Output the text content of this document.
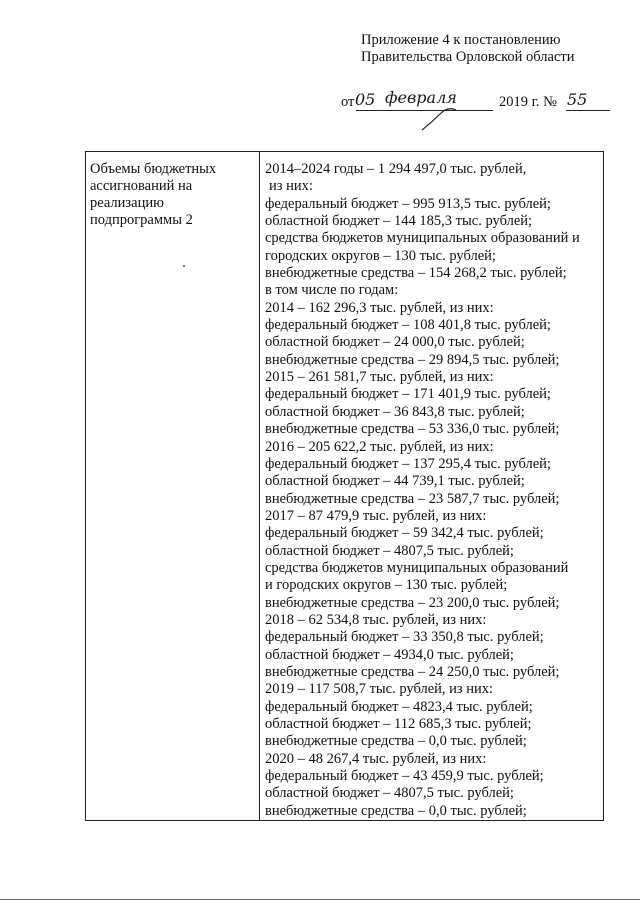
Приложение 4 к постановлению
Правительства Орловской области
от 05 февраля	2019 г. № 55
Объемы бюджетных
ассигнований на
реализацию
подпрограммы 2
2014–2024 годы – 1 294 497,0 тыс. рублей,
из них:
федеральный бюджет – 995 913,5 тыс. рублей;
областной бюджет – 144 185,3 тыс. рублей;
средства бюджетов муниципальных образований и
городских округов – 130 тыс. рублей;
внебюджетные средства – 154 268,2 тыс. рублей;
в том числе по годам:
2014 – 162 296,3 тыс. рублей, из них:
федеральный бюджет – 108 401,8 тыс. рублей;
областной бюджет – 24 000,0 тыс. рублей;
внебюджетные средства – 29 894,5 тыс. рублей;
2015 – 261 581,7 тыс. рублей, из них:
федеральный бюджет – 171 401,9 тыс. рублей;
областной бюджет – 36 843,8 тыс. рублей;
внебюджетные средства – 53 336,0 тыс. рублей;
2016 – 205 622,2 тыс. рублей, из них:
федеральный бюджет – 137 295,4 тыс. рублей;
областной бюджет – 44 739,1 тыс. рублей;
внебюджетные средства – 23 587,7 тыс. рублей;
2017 – 87 479,9 тыс. рублей, из них:
федеральный бюджет – 59 342,4 тыс. рублей;
областной бюджет – 4807,5 тыс. рублей;
средства бюджетов муниципальных образований
и городских округов – 130 тыс. рублей;
внебюджетные средства – 23 200,0 тыс. рублей;
2018 – 62 534,8 тыс. рублей, из них:
федеральный бюджет – 33 350,8 тыс. рублей;
областной бюджет – 4934,0 тыс. рублей;
внебюджетные средства – 24 250,0 тыс. рублей;
2019 – 117 508,7 тыс. рублей, из них:
федеральный бюджет – 4823,4 тыс. рублей;
областной бюджет – 112 685,3 тыс. рублей;
внебюджетные средства – 0,0 тыс. рублей;
2020 – 48 267,4 тыс. рублей, из них:
федеральный бюджет – 43 459,9 тыс. рублей;
областной бюджет – 4807,5 тыс. рублей;
внебюджетные средства – 0,0 тыс. рублей;
